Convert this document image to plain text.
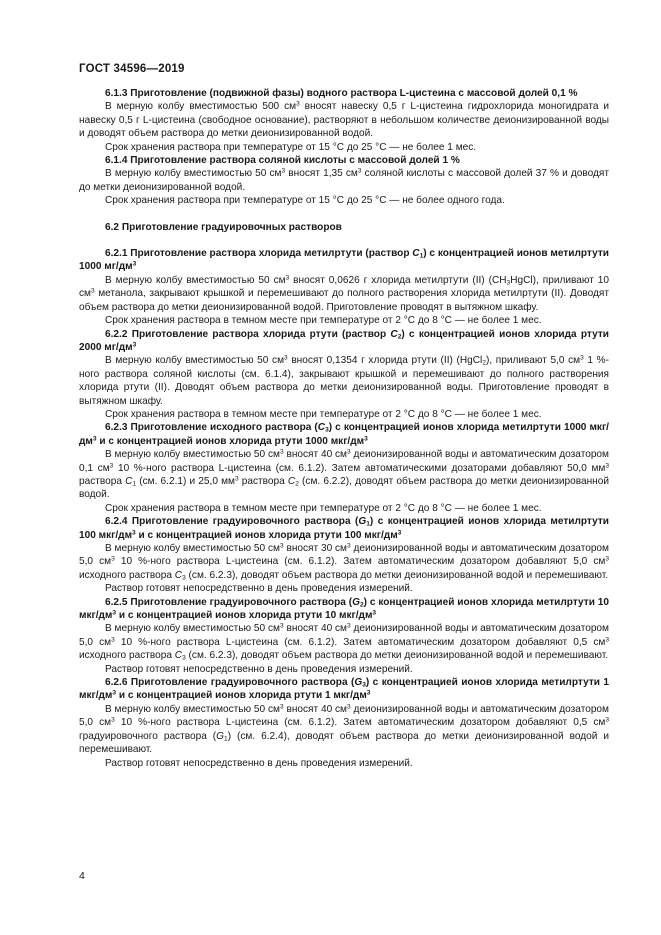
ГОСТ 34596—2019

6.1.3 Приготовление (подвижной фазы) водного раствора L-цистеина с массовой долей 0,1 %

В мерную колбу вместимостью 500 $см^3$ вносят навеску 0,5 г L-цистеина гидрохлорида моногидрата и навеску 0,5 г L-цистеина (свободное основание), растворяют в небольшом количестве деионизированной воды и доводят объем раствора до метки деионизированной водой.

Срок хранения раствора при температуре от 15 °C до 25 °C — не более 1 мес.

6.1.4 Приготовление раствора соляной кислоты с массовой долей 1 %

В мерную колбу вместимостью 50 $см^3$ вносят 1,35 $см^3$ соляной кислоты с массовой долей 37 % и доводят до метки деионизированной водой.

Срок хранения раствора при температуре от 15 °C до 25 °C — не более одного года.

6.2 Приготовление градуировочных растворов

6.2.1 Приготовление раствора хлорида метилртути (раствор $C_1$) с концентрацией ионов метилртути 1000 $мг/дм^3$

В мерную колбу вместимостью 50 $см^3$ вносят 0,0626 г хлорида метилртути (II) $(CH_3HgCl)$, приливают 10 $см^3$ метанола, закрывают крышкой и перемешивают до полного растворения хлорида метилртути (II). Доводят объем раствора до метки деионизированной водой. Приготовление проводят в вытяжном шкафу.

Срок хранения раствора в темном месте при температуре от 2 °C до 8 °C — не более 1 мес.

6.2.2 Приготовление раствора хлорида ртути (раствор $C_2$) с концентрацией ионов хлорида ртути 2000 $мг/дм^3$

В мерную колбу вместимостью 50 $см^3$ вносят 0,1354 г хлорида ртути (II) (HgCl$_2$), приливают 5,0 $см^3$ 1 %-ного раствора соляной кислоты (см. 6.1.4), закрывают крышкой и перемешивают до полного растворения хлорида ртути (II). Доводят объем раствора до метки деионизированной воды. Приготовление проводят в вытяжном шкафу.

Срок хранения раствора в темном месте при температуре от 2 °C до 8 °C — не более 1 мес.

6.2.3 Приготовление исходного раствора $(C_3)$ с концентрацией ионов хлорида метилртути 1000 мкг/$дм^3$ и с концентрацией ионов хлорида ртути 1000 мкг/$дм^3$

В мерную колбу вместимостью 50 $см^3$ вносят 40 $см^3$ деионизированной воды и автоматическим дозатором 0,1 $см^3$ 10 %-ного раствора L-цистеина (см. 6.1.2). Затем автоматическими дозаторами добавляют 50,0 $мм^3$ раствора $C_1$ (см. 6.2.1) и 25,0 $мм^3$ раствора $C_2$ (см. 6.2.2), доводят объем раствора до метки деионизированной водой.

Срок хранения раствора в темном месте при температуре от 2 °C до 8 °C — не более 1 мес.

6.2.4 Приготовление градуировочного раствора $(G_1)$ с концентрацией ионов хлорида метилртути 100 мкг/$дм^3$ и с концентрацией ионов хлорида ртути 100 мкг/$дм^3$

В мерную колбу вместимостью 50 $см^3$ вносят 30 $см^3$ деионизированной воды и автоматическим дозатором 5,0 $см^3$ 10 %-ного раствора L-цистеина (см. 6.1.2). Затем автоматическим дозатором добавляют 5,0 $см^3$ исходного раствора $C_3$ (см. 6.2.3), доводят объем раствора до метки деионизированной водой и перемешивают.

Раствор готовят непосредственно в день проведения измерений.

6.2.5 Приготовление градуировочного раствора $(G_2)$ с концентрацией ионов хлорида метилртути 10 мкг/$дм^3$ и с концентрацией ионов хлорида ртути 10 мкг/$дм^3$

В мерную колбу вместимостью 50 $см^3$ вносят 40 $см^3$ деионизированной воды и автоматическим дозатором 5,0 $см^3$ 10 %-ного раствора L-цистеина (см. 6.1.2). Затем автоматическим дозатором добавляют 0,5 $см^3$ исходного раствора $C_3$ (см. 6.2.3), доводят объем раствора до метки деионизированной водой и перемешивают.

Раствор готовят непосредственно в день проведения измерений.

6.2.6 Приготовление градуировочного раствора $(G_3)$ с концентрацией ионов хлорида метилртути 1 мкг/$дм^3$ и с концентрацией ионов хлорида ртути 1 мкг/$дм^3$

В мерную колбу вместимостью 50 $см^3$ вносят 40 $см^3$ деионизированной воды и автоматическим дозатором 5,0 $см^3$ 10 %-ного раствора L-цистеина (см. 6.1.2). Затем автоматическим дозатором добавляют 0,5 $см^3$ градуировочного раствора $(G_1)$ (см. 6.2.4), доводят объем раствора до метки деионизированной водой и перемешивают.

Раствор готовят непосредственно в день проведения измерений.

4
